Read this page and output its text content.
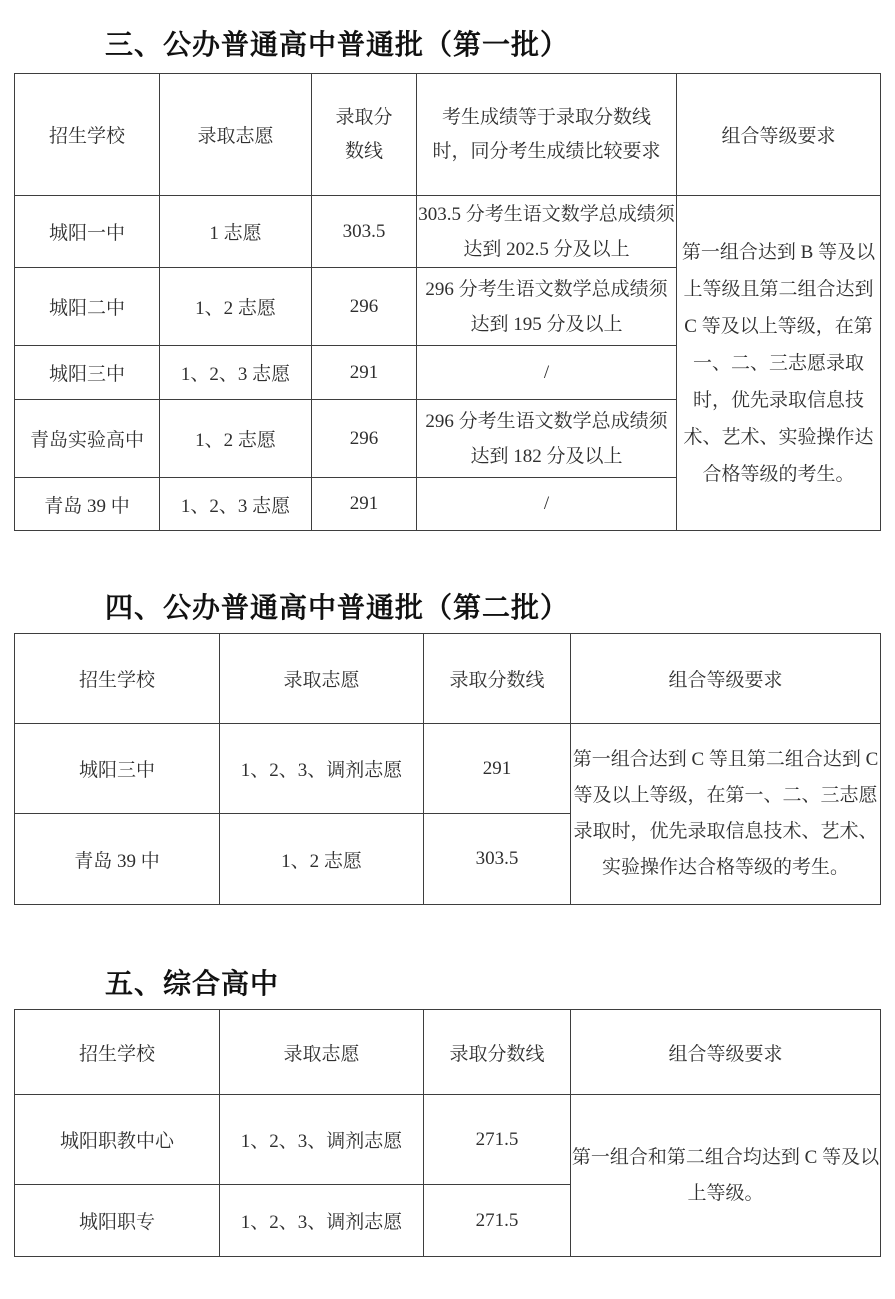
三、公办普通高中普通批（第一批）
招生学校	录取志愿	录取分数线	考生成绩等于录取分数线时，同分考生成绩比较要求	组合等级要求
城阳一中	1 志愿	303.5	303.5 分考生语文数学总成绩须达到 202.5 分及以上	第一组合达到 B 等及以上等级且第二组合达到 C 等及以上等级，在第一、二、三志愿录取时，优先录取信息技术、艺术、实验操作达合格等级的考生。
城阳二中	1、2 志愿	296	296 分考生语文数学总成绩须达到 195 分及以上	
城阳三中	1、2、3 志愿	291	/	
青岛实验高中	1、2 志愿	296	296 分考生语文数学总成绩须达到 182 分及以上	
青岛 39 中	1、2、3 志愿	291	/	
四、公办普通高中普通批（第二批）
招生学校	录取志愿	录取分数线	组合等级要求
城阳三中	1、2、3、调剂志愿	291	第一组合达到 C 等且第二组合达到 C 等及以上等级，在第一、二、三志愿录取时，优先录取信息技术、艺术、实验操作达合格等级的考生。
青岛 39 中	1、2 志愿	303.5	
五、综合高中
招生学校	录取志愿	录取分数线	组合等级要求
城阳职教中心	1、2、3、调剂志愿	271.5	第一组合和第二组合均达到 C 等及以上等级。
城阳职专	1、2、3、调剂志愿	271.5	
